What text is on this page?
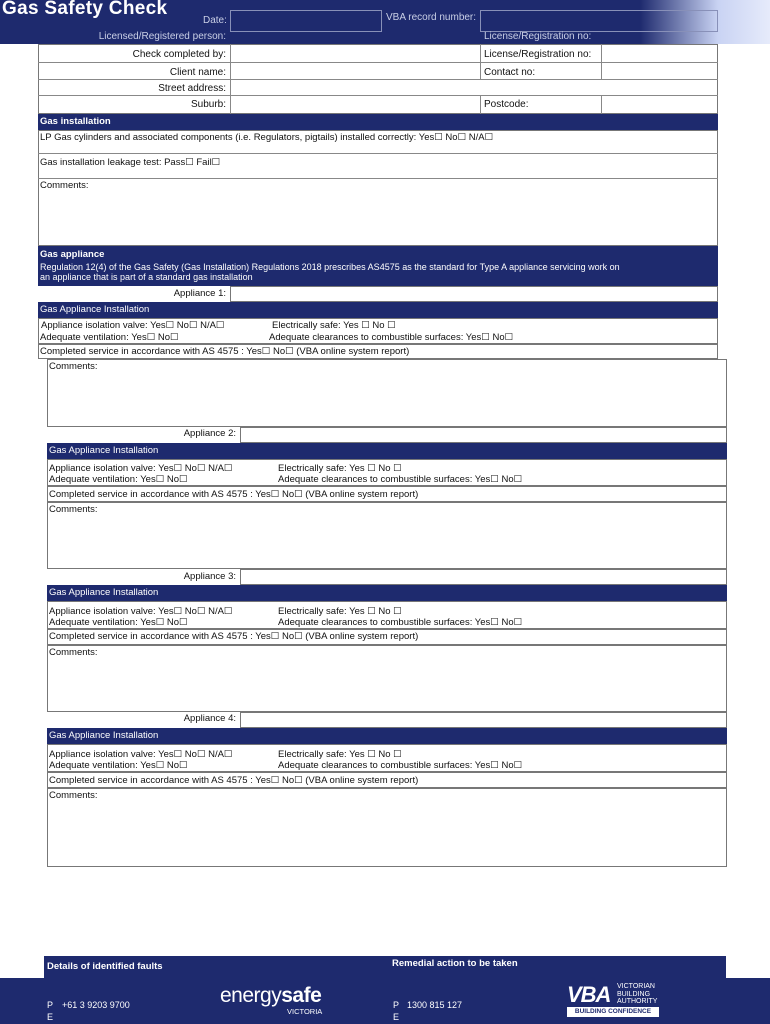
Gas Safety Check
Date:	VBA record number:
Licensed/Registered person:	License/Registration no:
Check completed by:	License/Registration no:
Client name:	Contact no:
Street address:
Suburb:	Postcode:
Gas installation
LP Gas cylinders and associated components (i.e. Regulators, pigtails) installed correctly: Yes☐ No☐ N/A☐
Gas installation leakage test: Pass☐ Fail☐
Comments:
Gas appliance
Regulation 12(4) of the Gas Safety (Gas Installation) Regulations 2018 prescribes AS4575 as the standard for Type A appliance servicing work on
an appliance that is part of a standard gas installation
Appliance 1:
Gas Appliance Installation
Appliance isolation valve: Yes☐ No☐ N/A☐	Electrically safe: Yes ☐ No ☐
Adequate ventilation: Yes☐ No☐	Adequate clearances to combustible surfaces: Yes☐ No☐
Completed service in accordance with AS 4575 : Yes☐ No☐ (VBA online system report)
Comments:
Appliance 2:
Gas Appliance Installation
Appliance isolation valve: Yes☐ No☐ N/A☐	Electrically safe: Yes ☐ No ☐
Adequate ventilation: Yes☐ No☐	Adequate clearances to combustible surfaces: Yes☐ No☐
Completed service in accordance with AS 4575 : Yes☐ No☐ (VBA online system report)
Comments:
Appliance 3:
Gas Appliance Installation
Appliance isolation valve: Yes☐ No☐ N/A☐	Electrically safe: Yes ☐ No ☐
Adequate ventilation: Yes☐ No☐	Adequate clearances to combustible surfaces: Yes☐ No☐
Completed service in accordance with AS 4575 : Yes☐ No☐ (VBA online system report)
Comments:
Appliance 4:
Gas Appliance Installation
Appliance isolation valve: Yes☐ No☐ N/A☐	Electrically safe: Yes ☐ No ☐
Adequate ventilation: Yes☐ No☐	Adequate clearances to combustible surfaces: Yes☐ No☐
Completed service in accordance with AS 4575 : Yes☐ No☐ (VBA online system report)
Comments:
Details of identified faults	Remedial action to be taken
P +61 3 9203 9700
E
energysafe
VICTORIA
P 1300 815 127
E
VBA VICTORIAN
BUILDING
AUTHORITY
BUILDING CONFIDENCE
